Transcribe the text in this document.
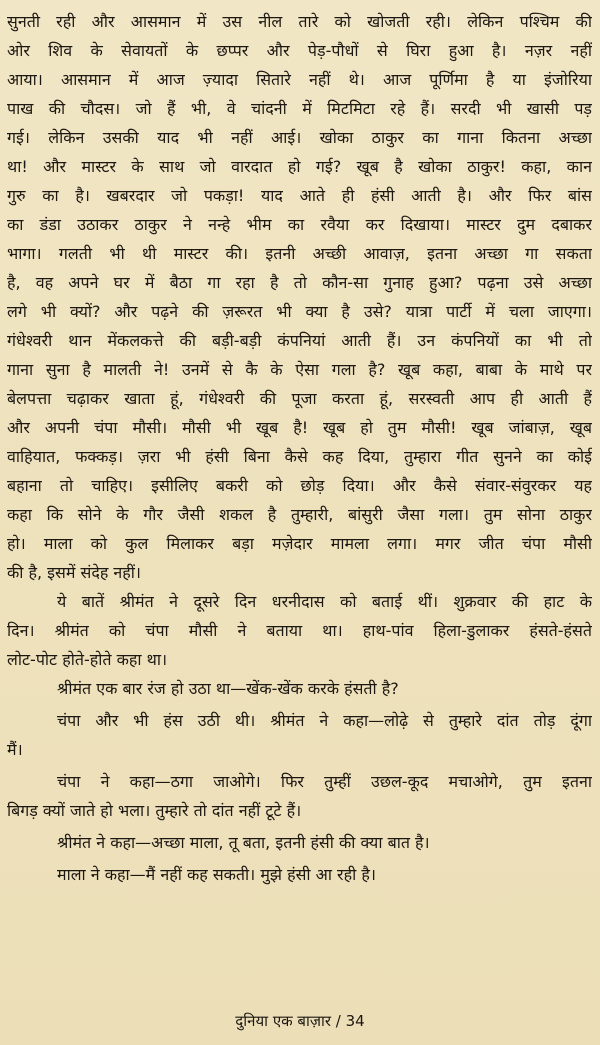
सुनती रही और आसमान में उस नील तारे को खोजती रही। लेकिन पश्चिम की
ओर शिव के सेवायतों के छप्पर और पेड़-पौधों से घिरा हुआ है। नज़र नहीं
आया। आसमान में आज ज़्यादा सितारे नहीं थे। आज पूर्णिमा है या इंजोरिया
पाख की चौदस। जो हैं भी, वे चांदनी में मिटमिटा रहे हैं। सरदी भी खासी पड़
गई। लेकिन उसकी याद भी नहीं आई। खोका ठाकुर का गाना कितना अच्छा
था! और मास्टर के साथ जो वारदात हो गई? खूब है खोका ठाकुर! कहा, कान
गुरु का है। खबरदार जो पकड़ा! याद आते ही हंसी आती है। और फिर बांस
का डंडा उठाकर ठाकुर ने नन्हे भीम का रवैया कर दिखाया। मास्टर दुम दबाकर
भागा। गलती भी थी मास्टर की। इतनी अच्छी आवाज़, इतना अच्छा गा सकता
है, वह अपने घर में बैठा गा रहा है तो कौन-सा गुनाह हुआ? पढ़ना उसे अच्छा
लगे भी क्यों? और पढ़ने की ज़रूरत भी क्या है उसे? यात्रा पार्टी में चला जाएगा।
गंधेश्वरी थान मेंकलकत्ते की बड़ी-बड़ी कंपनियां आती हैं। उन कंपनियों का भी तो
गाना सुना है मालती ने! उनमें से कै के ऐसा गला है? खूब कहा, बाबा के माथे पर
बेलपत्ता चढ़ाकर खाता हूं, गंधेश्वरी की पूजा करता हूं, सरस्वती आप ही आती हैं
और अपनी चंपा मौसी। मौसी भी खूब है! खूब हो तुम मौसी! खूब जांबाज़, खूब
वाहियात, फक्कड़। ज़रा भी हंसी बिना कैसे कह दिया, तुम्हारा गीत सुनने का कोई
बहाना तो चाहिए। इसीलिए बकरी को छोड़ दिया। और कैसे संवार-संवुरकर यह
कहा कि सोने के गौर जैसी शकल है तुम्हारी, बांसुरी जैसा गला। तुम सोना ठाकुर
हो। माला को कुल मिलाकर बड़ा मज़ेदार मामला लगा। मगर जीत चंपा मौसी
की है, इसमें संदेह नहीं।

ये बातें श्रीमंत ने दूसरे दिन धरनीदास को बताई थीं। शुक्रवार की हाट के
दिन। श्रीमंत को चंपा मौसी ने बताया था। हाथ-पांव हिला-डुलाकर हंसते-हंसते
लोट-पोट होते-होते कहा था।

श्रीमंत एक बार रंज हो उठा था—खेंक-खेंक करके हंसती है?

चंपा और भी हंस उठी थी। श्रीमंत ने कहा—लोढ़े से तुम्हारे दांत तोड़ दूंगा
मैं।

चंपा ने कहा—ठगा जाओगे। फिर तुम्हीं उछल-कूद मचाओगे, तुम इतना
बिगड़ क्यों जाते हो भला। तुम्हारे तो दांत नहीं टूटे हैं।

श्रीमंत ने कहा—अच्छा माला, तू बता, इतनी हंसी की क्या बात है।

माला ने कहा—मैं नहीं कह सकती। मुझे हंसी आ रही है।

दुनिया एक बाज़ार / 34
